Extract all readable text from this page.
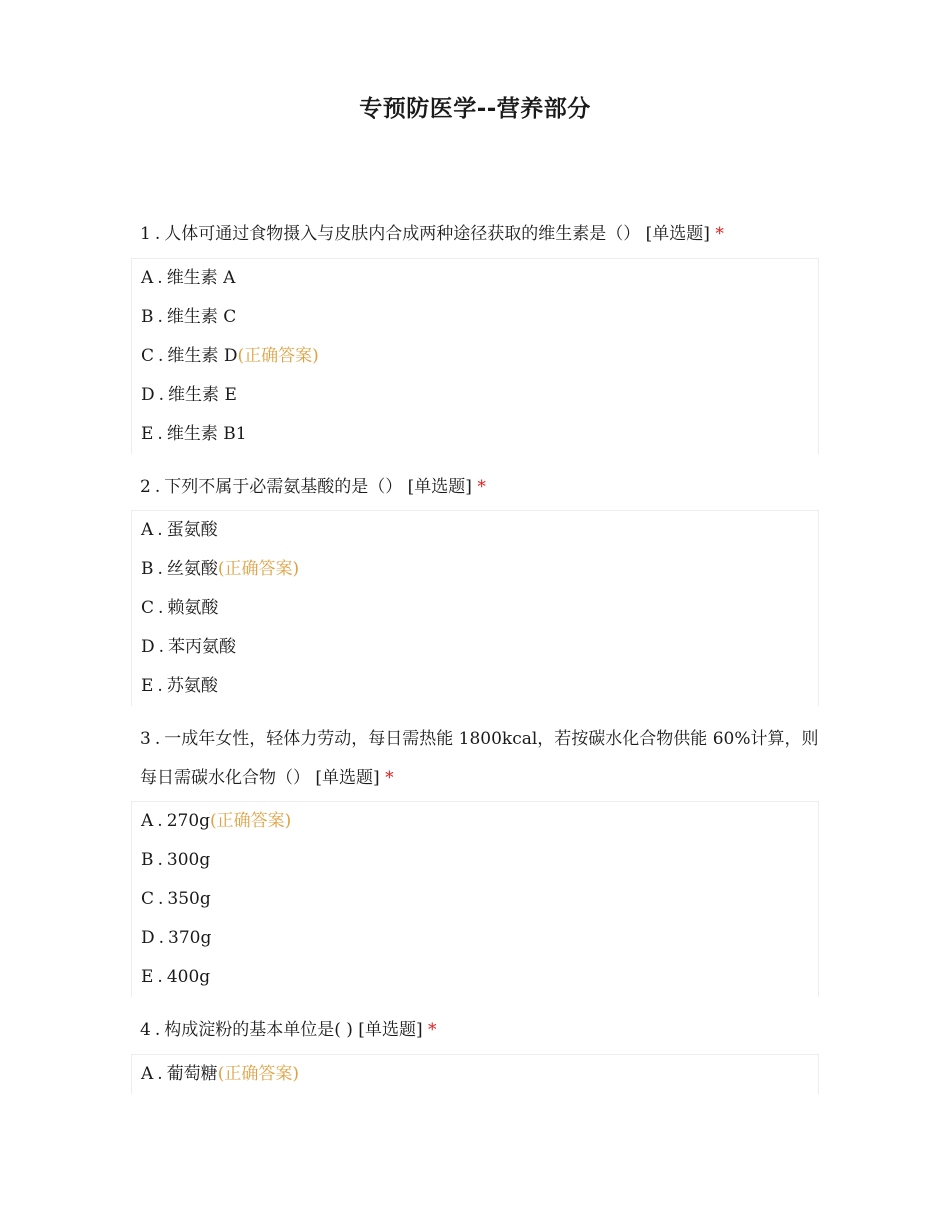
专预防医学--营养部分
1 . 人体可通过食物摄入与皮肤内合成两种途径获取的维生素是（） [单选题] *
A . 维生素 A
B . 维生素 C
C . 维生素 D(正确答案)
D . 维生素 E
E . 维生素 B1
2 . 下列不属于必需氨基酸的是（） [单选题] *
A . 蛋氨酸
B . 丝氨酸(正确答案)
C . 赖氨酸
D . 苯丙氨酸
E . 苏氨酸
3 . 一成年女性，轻体力劳动，每日需热能 1800kcal，若按碳水化合物供能 60%计算，则每日需碳水化合物（） [单选题] *
A . 270g(正确答案)
B . 300g
C . 350g
D . 370g
E . 400g
4 . 构成淀粉的基本单位是( ) [单选题] *
A . 葡萄糖(正确答案)
